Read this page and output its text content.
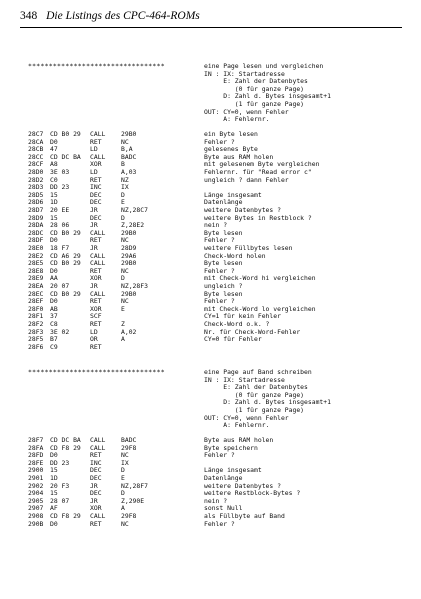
348 Die Listings des CPC-464-ROMs
*********************************	eine Page lesen und vergleichen
IN : IX: Startadresse
E: Zahl der Datenbytes
(0 für ganze Page)
D: Zahl d. Bytes insgesamt+1
(1 für ganze Page)
OUT: CY=0, wenn Fehler
A: Fehlernr.
28C7 CD B0 29 CALL 29B0	ein Byte lesen
28CA D0	RET	NC	Fehler ?
28CB 47	LD	B,A	gelesenes Byte
28CC CD DC BA CALL BADC	Byte aus RAM holen
28CF A8	XOR	B	mit gelesenem Byte vergleichen
28D0 3E 03	LD	A,03	Fehlernr. für "Read error c"
28D2 C0	RET	NZ	ungleich ? dann Fehler
28D3 DD 23	INC	IX
28D5 15	DEC	D	Länge insgesamt
28D6 1D	DEC	E	Datenlänge
28D7 20 EE	JR	NZ,28C7	weitere Datenbytes ?
28D9 15	DEC	D	weitere Bytes in Restblock ?
28DA 28 06	JR	Z,28E2	nein ?
28DC CD B0 29 CALL 29B0	Byte lesen
28DF D0	RET	NC	Fehler ?
28E0 18 F7	JR	28D9	weitere Füllbytes lesen
28E2 CD A6 29 CALL 29A6	Check-Word holen
28E5 CD B0 29 CALL 29B0	Byte lesen
28E8 D0	RET	NC	Fehler ?
28E9 AA	XOR	D	mit Check-Word hi vergleichen
28EA 20 07	JR	NZ,28F3	ungleich ?
28EC CD B0 29 CALL 29B0	Byte lesen
28EF D0	RET	NC	Fehler ?
28F0 AB	XOR	E	mit Check-Word lo vergleichen
28F1 37	SCF	CY=1 für kein Fehler
28F2 C8	RET	Z	Check-Word o.k. ?
28F3 3E 02	LD	A,02	Nr. für Check-Word-Fehler
28F5 B7	OR	A	CY=0 für Fehler
28F6 C9	RET
*********************************	eine Page auf Band schreiben
IN : IX: Startadresse
E: Zahl der Datenbytes
(0 für ganze Page)
D: Zahl d. Bytes insgesamt+1
(1 für ganze Page)
OUT: CY=0, wenn Fehler
A: Fehlernr.
28F7 CD DC BA CALL BADC	Byte aus RAM holen
28FA CD F8 29 CALL 29F8	Byte speichern
28FD D0	RET	NC	Fehler ?
28FE DD 23	INC	IX
2900 15	DEC	D	Länge insgesamt
2901 1D	DEC	E	Datenlänge
2902 20 F3	JR	NZ,28F7	weitere Datenbytes ?
2904 15	DEC	D	weitere Restblock-Bytes ?
2905 28 07	JR	Z,290E	nein ?
2907 AF	XOR	A	sonst Null
2908 CD F8 29 CALL 29F8	als Füllbyte auf Band
290B D0	RET	NC	Fehler ?
